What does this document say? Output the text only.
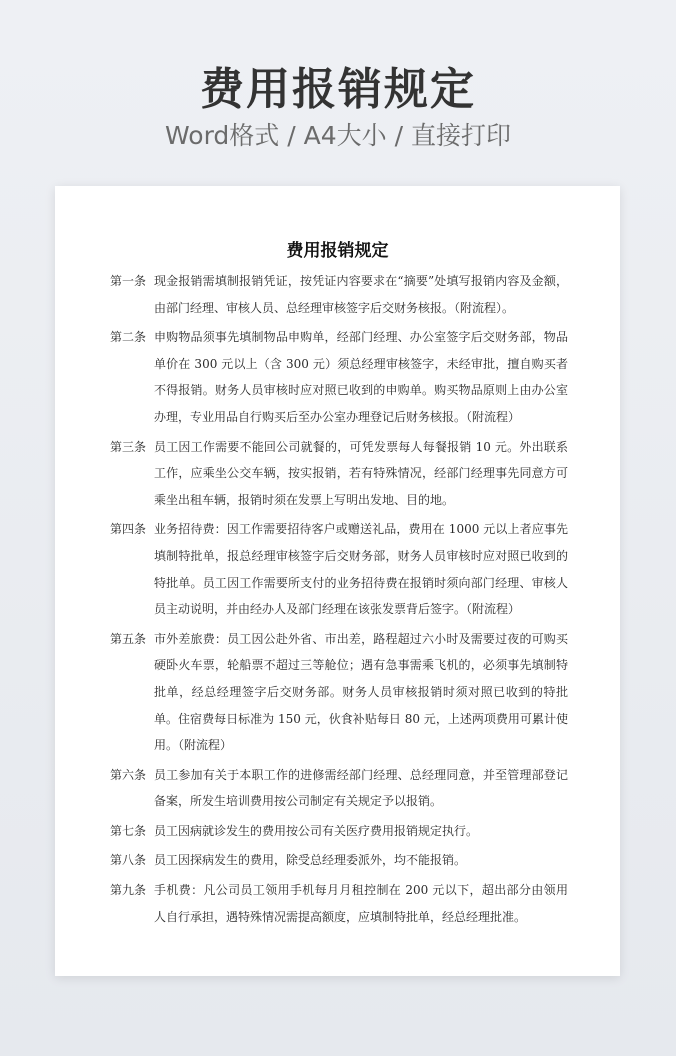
费用报销规定
Word格式 / A4大小 / 直接打印
费用报销规定
第一条 现金报销需填制报销凭证，按凭证内容要求在“摘要”处填写报销内容及金额，由部门经理、审核人员、总经理审核签字后交财务核报。（附流程）。
第二条 申购物品须事先填制物品申购单，经部门经理、办公室签字后交财务部，物品单价在 300 元以上（含 300 元）须总经理审核签字，未经审批，擅自购买者不得报销。财务人员审核时应对照已收到的申购单。购买物品原则上由办公室办理，专业用品自行购买后至办公室办理登记后财务核报。（附流程）
第三条 员工因工作需要不能回公司就餐的，可凭发票每人每餐报销 10 元。外出联系工作，应乘坐公交车辆，按实报销，若有特殊情况，经部门经理事先同意方可乘坐出租车辆，报销时须在发票上写明出发地、目的地。
第四条 业务招待费：因工作需要招待客户或赠送礼品，费用在 1000 元以上者应事先填制特批单，报总经理审核签字后交财务部，财务人员审核时应对照已收到的特批单。员工因工作需要所支付的业务招待费在报销时须向部门经理、审核人员主动说明，并由经办人及部门经理在该张发票背后签字。（附流程）
第五条 市外差旅费：员工因公赴外省、市出差，路程超过六小时及需要过夜的可购买硬卧火车票，轮船票不超过三等舱位；遇有急事需乘飞机的，必须事先填制特批单，经总经理签字后交财务部。财务人员审核报销时须对照已收到的特批单。住宿费每日标准为 150 元，伙食补贴每日 80 元，上述两项费用可累计使用。（附流程）
第六条 员工参加有关于本职工作的进修需经部门经理、总经理同意，并至管理部登记备案，所发生培训费用按公司制定有关规定予以报销。
第七条 员工因病就诊发生的费用按公司有关医疗费用报销规定执行。
第八条 员工因探病发生的费用，除受总经理委派外，均不能报销。
第九条 手机费：凡公司员工领用手机每月月租控制在 200 元以下，超出部分由领用人自行承担，遇特殊情况需提高额度，应填制特批单，经总经理批准。
